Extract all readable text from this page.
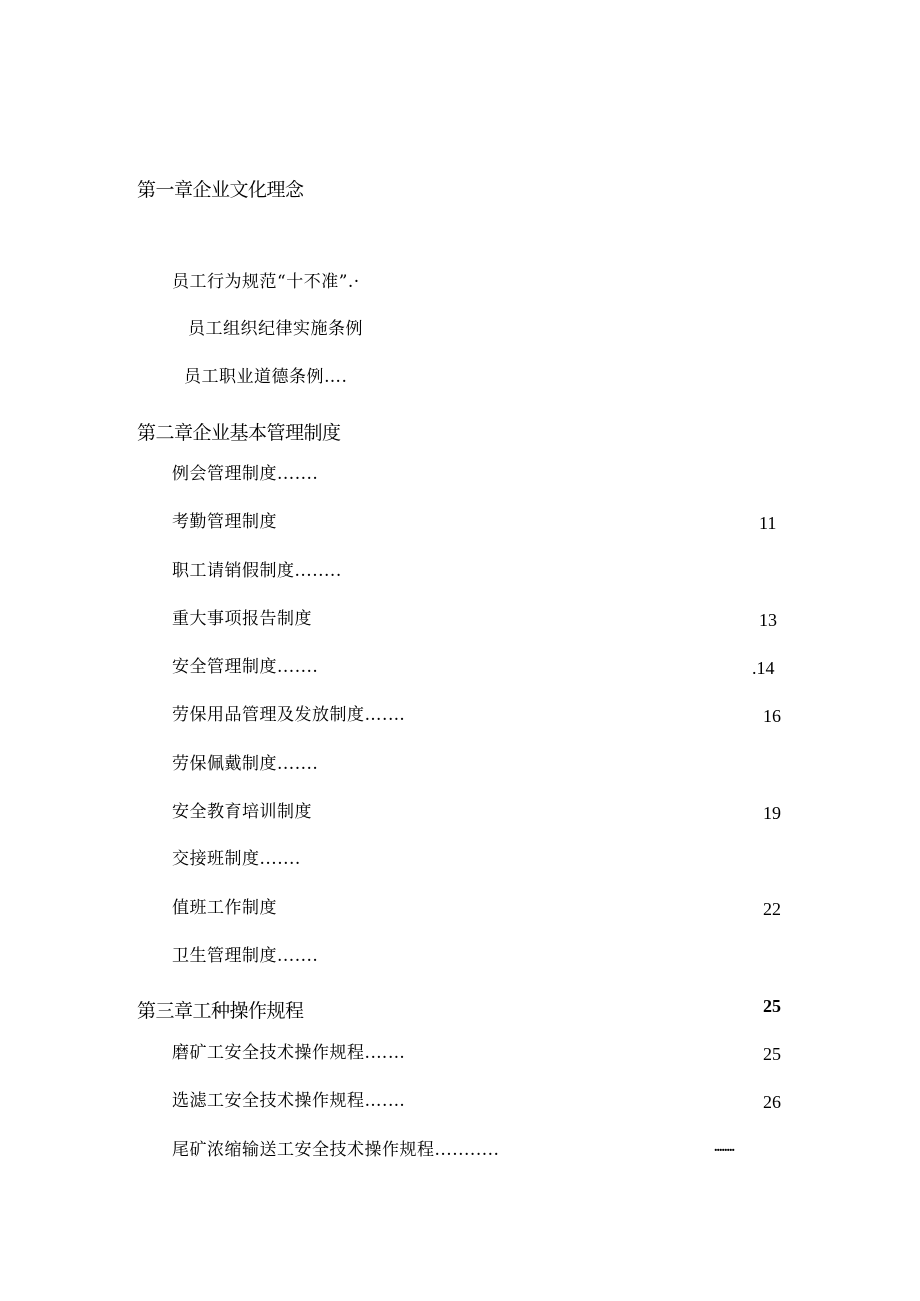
第一章企业文化理念
员工行为规范“十不准”.·
员工组织纪律实施条例
员工职业道德条例….
第二章企业基本管理制度
例会管理制度.......
考勤管理制度	11
职工请销假制度........
重大事项报告制度	13
安全管理制度.......	.14
劳保用品管理及发放制度….…	16
劳保佩戴制度.......
安全教育培训制度	19
交接班制度.......
值班工作制度	22
卫生管理制度.......
第三章工种操作规程	25
磨矿工安全技术操作规程.……	25
选滤工安全技术操作规程….…	26
尾矿浓缩输送工安全技术操作规程...........	........
